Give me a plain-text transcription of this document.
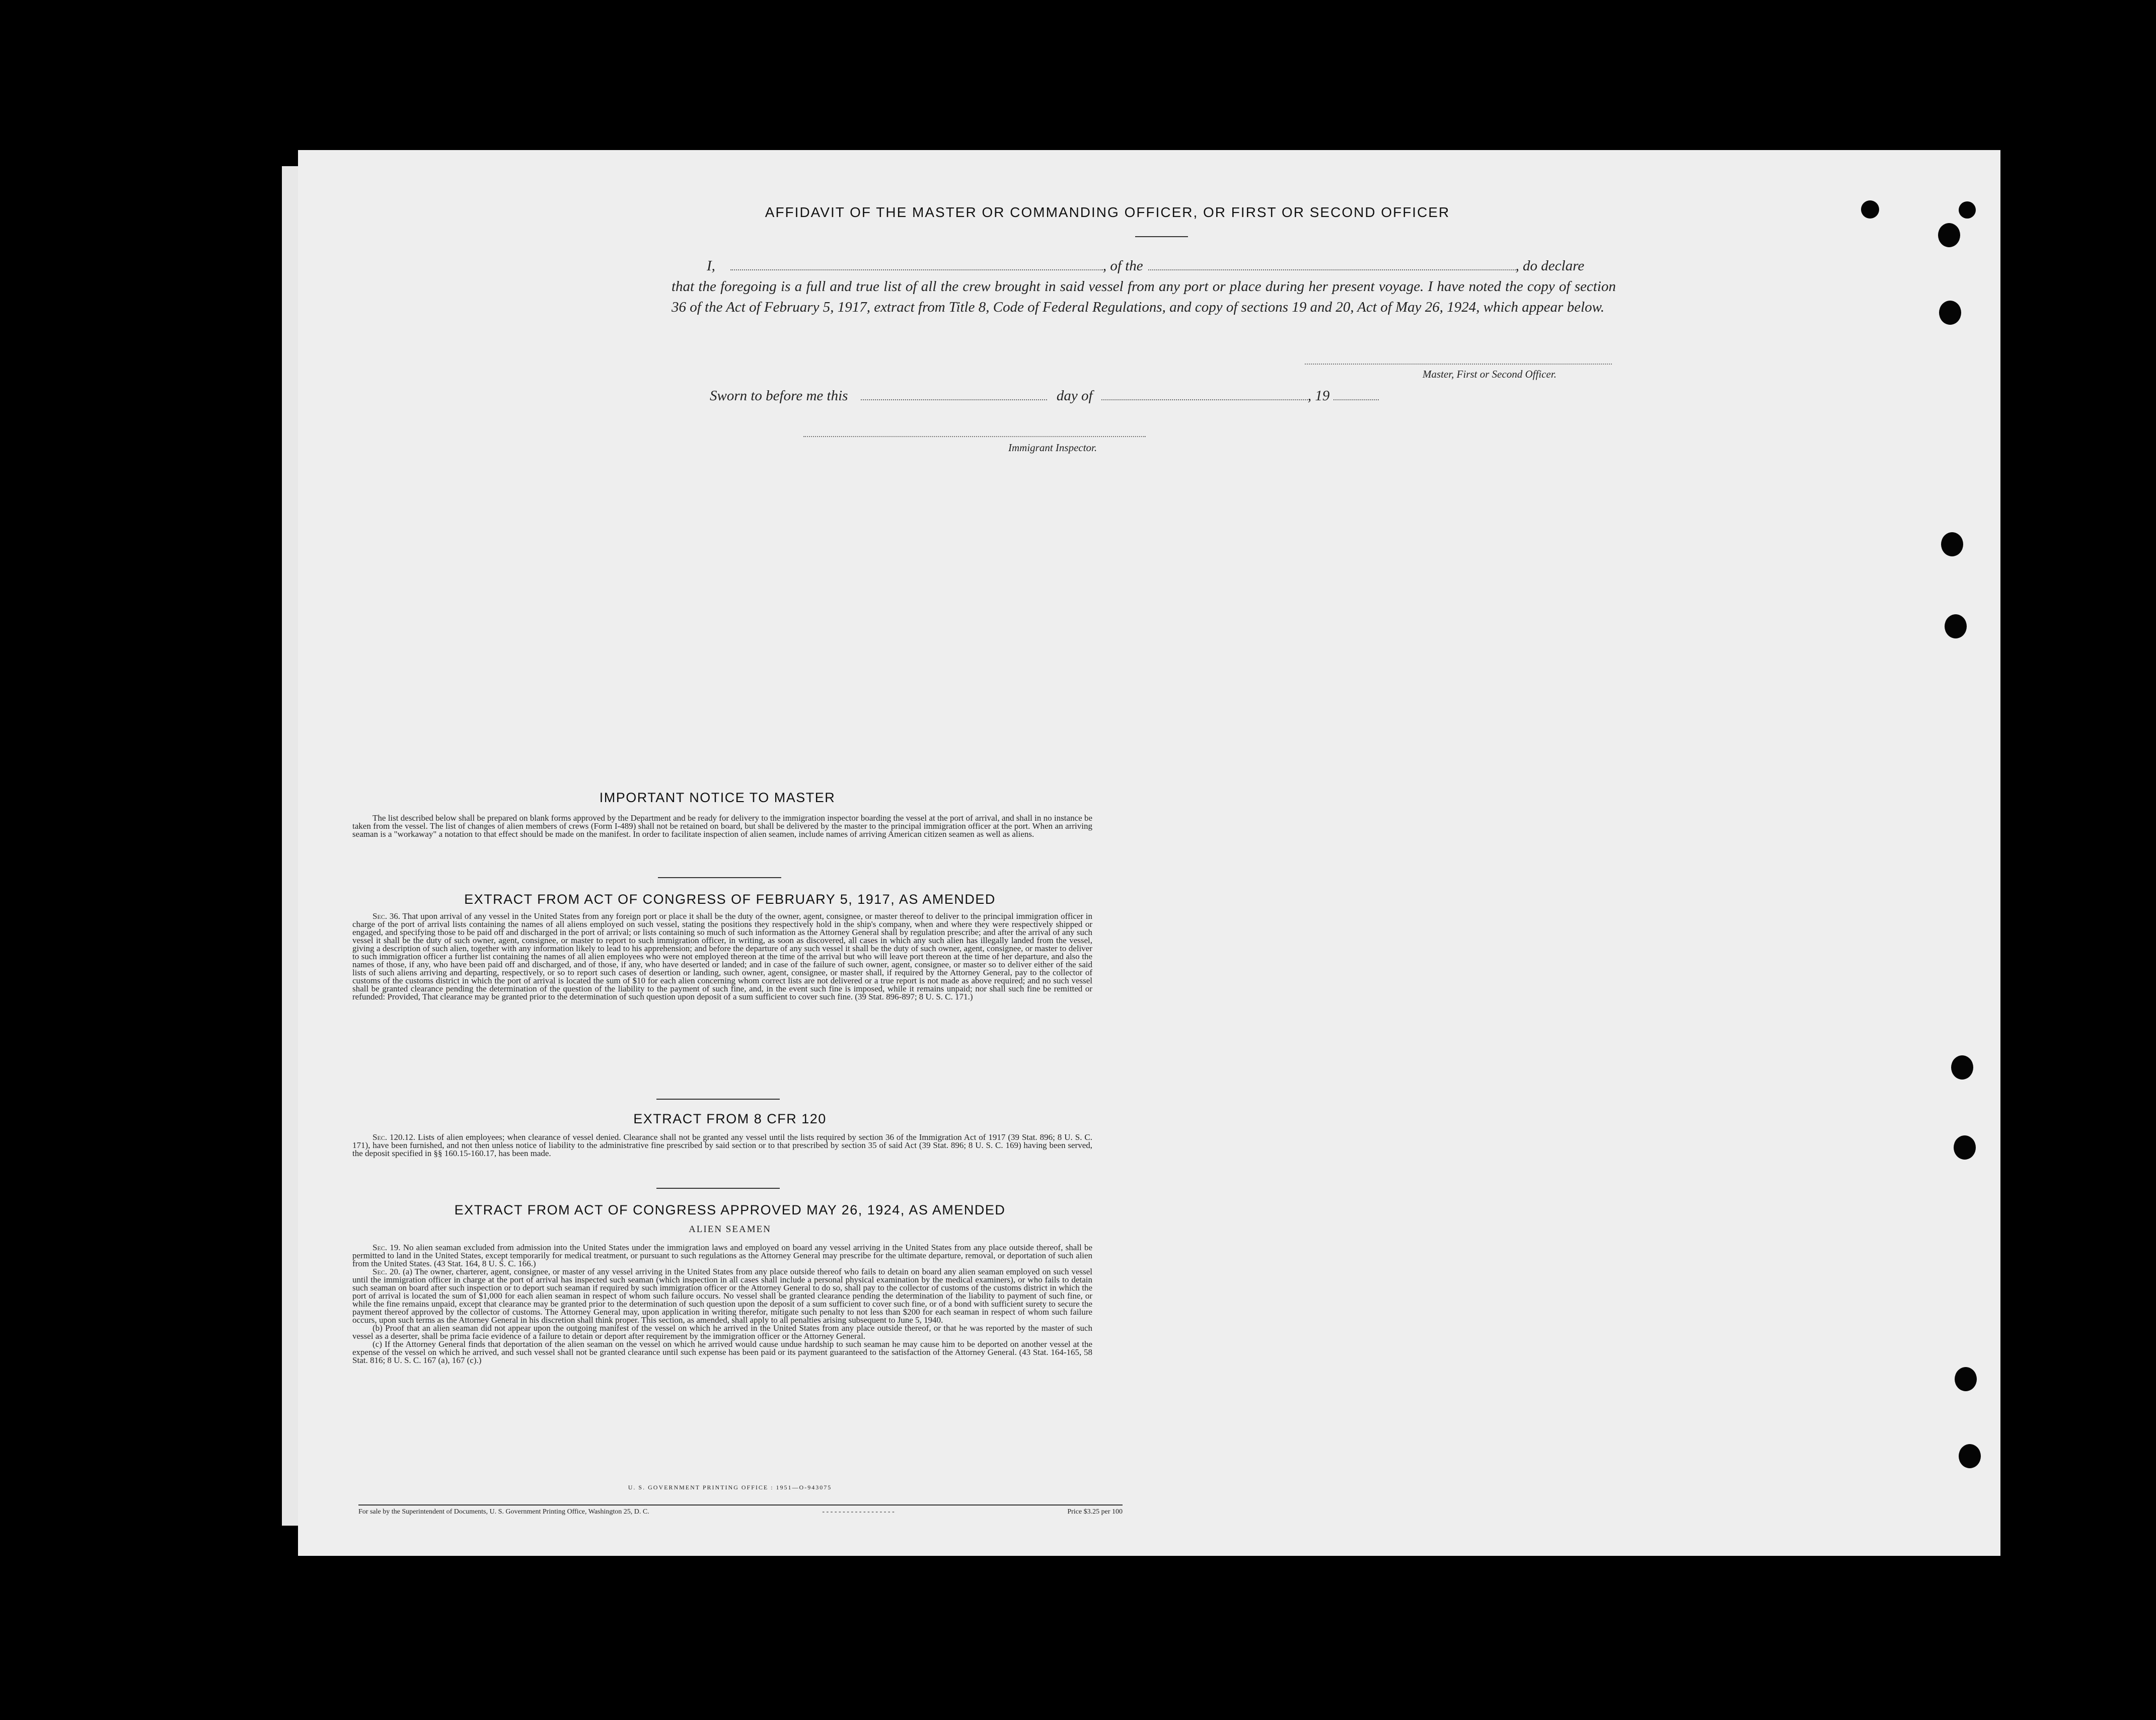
AFFIDAVIT OF THE MASTER OR COMMANDING OFFICER, OR FIRST OR SECOND OFFICER
I,	, of the	, do declare
that the foregoing is a full and true list of all the crew brought in said vessel from any port or place during her present voyage. I have noted the copy of section 36 of the Act of February 5, 1917, extract from Title 8, Code of Federal Regulations, and copy of sections 19 and 20, Act of May 26, 1924, which appear below.
Master, First or Second Officer.
Sworn to before me this	day of	, 19
Immigrant Inspector.
IMPORTANT NOTICE TO MASTER

The list described below shall be prepared on blank forms approved by the Department and be ready for delivery to the immigration inspector boarding the vessel at the port of arrival, and shall in no instance be taken from the vessel. The list of changes of alien members of crews (Form I-489) shall not be retained on board, but shall be delivered by the master to the principal immigration officer at the port. When an arriving seaman is a "workaway" a notation to that effect should be made on the manifest. In order to facilitate inspection of alien seamen, include names of arriving American citizen seamen as well as aliens.

EXTRACT FROM ACT OF CONGRESS OF FEBRUARY 5, 1917, AS AMENDED

Sec. 36. That upon arrival of any vessel in the United States from any foreign port or place it shall be the duty of the owner, agent, consignee, or master thereof to deliver to the principal immigration officer in charge of the port of arrival lists containing the names of all aliens employed on such vessel, stating the positions they respectively hold in the ship's company, when and where they were respectively shipped or engaged, and specifying those to be paid off and discharged in the port of arrival; or lists containing so much of such information as the Attorney General shall by regulation prescribe; and after the arrival of any such vessel it shall be the duty of such owner, agent, consignee, or master to report to such immigration officer, in writing, as soon as discovered, all cases in which any such alien has illegally landed from the vessel, giving a description of such alien, together with any information likely to lead to his apprehension; and before the departure of any such vessel it shall be the duty of such owner, agent, consignee, or master to deliver to such immigration officer a further list containing the names of all alien employees who were not employed thereon at the time of the arrival but who will leave port thereon at the time of her departure, and also the names of those, if any, who have been paid off and discharged, and of those, if any, who have deserted or landed; and in case of the failure of such owner, agent, consignee, or master so to deliver either of the said lists of such aliens arriving and departing, respectively, or so to report such cases of desertion or landing, such owner, agent, consignee, or master shall, if required by the Attorney General, pay to the collector of customs of the customs district in which the port of arrival is located the sum of $10 for each alien concerning whom correct lists are not delivered or a true report is not made as above required; and no such vessel shall be granted clearance pending the determination of the question of the liability to the payment of such fine, and, in the event such fine is imposed, while it remains unpaid; nor shall such fine be remitted or refunded: Provided, That clearance may be granted prior to the determination of such question upon deposit of a sum sufficient to cover such fine. (39 Stat. 896-897; 8 U. S. C. 171.)

EXTRACT FROM 8 CFR 120

Sec. 120.12. Lists of alien employees; when clearance of vessel denied. Clearance shall not be granted any vessel until the lists required by section 36 of the Immigration Act of 1917 (39 Stat. 896; 8 U. S. C. 171), have been furnished, and not then unless notice of liability to the administrative fine prescribed by said section or to that prescribed by section 35 of said Act (39 Stat. 896; 8 U. S. C. 169) having been served, the deposit specified in §§ 160.15-160.17, has been made.

EXTRACT FROM ACT OF CONGRESS APPROVED MAY 26, 1924, AS AMENDED
ALIEN SEAMEN

Sec. 19. No alien seaman excluded from admission into the United States under the immigration laws and employed on board any vessel arriving in the United States from any place outside thereof, shall be permitted to land in the United States, except temporarily for medical treatment, or pursuant to such regulations as the Attorney General may prescribe for the ultimate departure, removal, or deportation of such alien from the United States. (43 Stat. 164, 8 U. S. C. 166.)

Sec. 20. (a) The owner, charterer, agent, consignee, or master of any vessel arriving in the United States from any place outside thereof who fails to detain on board any alien seaman employed on such vessel until the immigration officer in charge at the port of arrival has inspected such seaman (which inspection in all cases shall include a personal physical examination by the medical examiners), or who fails to detain such seaman on board after such inspection or to deport such seaman if required by such immigration officer or the Attorney General to do so, shall pay to the collector of customs of the customs district in which the port of arrival is located the sum of $1,000 for each alien seaman in respect of whom such failure occurs. No vessel shall be granted clearance pending the determination of the liability to payment of such fine, or while the fine remains unpaid, except that clearance may be granted prior to the determination of such question upon the deposit of a sum sufficient to cover such fine, or of a bond with sufficient surety to secure the payment thereof approved by the collector of customs. The Attorney General may, upon application in writing therefor, mitigate such penalty to not less than $200 for each seaman in respect of whom such failure occurs, upon such terms as the Attorney General in his discretion shall think proper. This section, as amended, shall apply to all penalties arising subsequent to June 5, 1940.

(b) Proof that an alien seaman did not appear upon the outgoing manifest of the vessel on which he arrived in the United States from any place outside thereof, or that he was reported by the master of such vessel as a deserter, shall be prima facie evidence of a failure to detain or deport after requirement by the immigration officer or the Attorney General.

(c) If the Attorney General finds that deportation of the alien seaman on the vessel on which he arrived would cause undue hardship to such seaman he may cause him to be deported on another vessel at the expense of the vessel on which he arrived, and such vessel shall not be granted clearance until such expense has been paid or its payment guaranteed to the satisfaction of the Attorney General. (43 Stat. 164-165, 58 Stat. 816; 8 U. S. C. 167 (a), 167 (c).)

U. S. GOVERNMENT PRINTING OFFICE : 1951—O-943075
For sale by the Superintendent of Documents, U. S. Government Printing Office, Washington 25, D. C.	- - - - - - - - - - - - - - - - - -	Price $3.25 per 100
